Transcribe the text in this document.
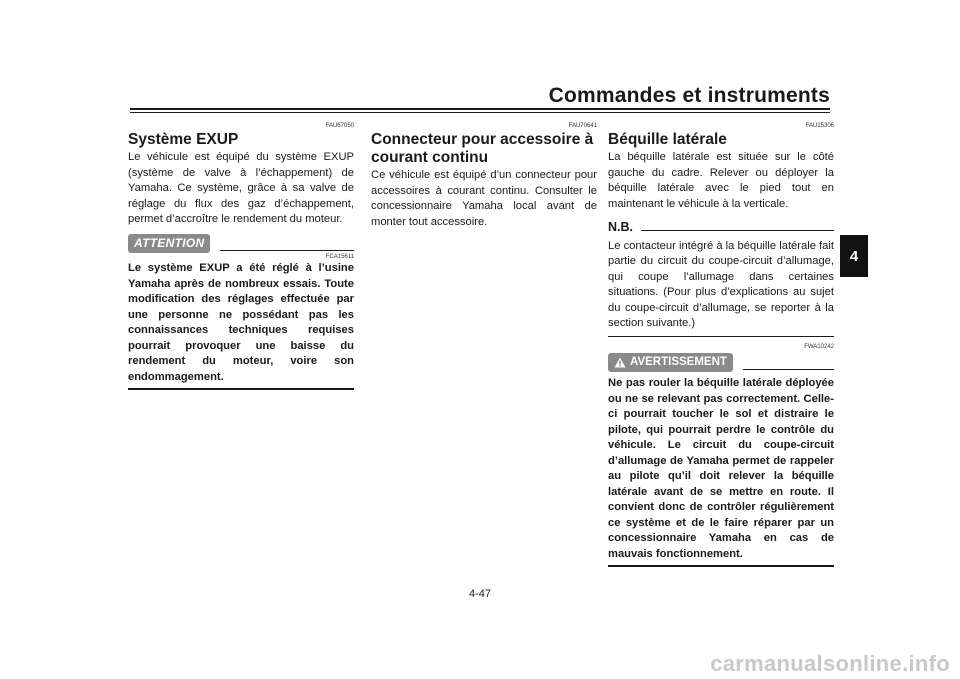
Commandes et instruments
4
FAU67050
Système EXUP
Le véhicule est équipé du système EXUP (système de valve à l’échappement) de Yamaha. Ce système, grâce à sa valve de réglage du flux des gaz d’échappement, permet d’accroître le rendement du moteur.
ATTENTION
FCA15611
Le système EXUP a été réglé à l’usine Yamaha après de nombreux essais. Toute modification des réglages effectuée par une personne ne possédant pas les connaissances techniques requises pourrait provoquer une baisse du rendement du moteur, voire son endommagement.
FAU70641
Connecteur pour accessoire à courant continu
Ce véhicule est équipé d’un connecteur pour accessoires à courant continu. Consulter le concessionnaire Yamaha local avant de monter tout accessoire.
FAU15306
Béquille latérale
La béquille latérale est située sur le côté gauche du cadre. Relever ou déployer la béquille latérale avec le pied tout en maintenant le véhicule à la verticale.
N.B.
Le contacteur intégré à la béquille latérale fait partie du circuit du coupe-circuit d’allumage, qui coupe l’allumage dans certaines situations. (Pour plus d’explications au sujet du coupe-circuit d’allumage, se reporter à la section suivante.)
FWA10242
AVERTISSEMENT
Ne pas rouler la béquille latérale déployée ou ne se relevant pas correctement. Celle-ci pourrait toucher le sol et distraire le pilote, qui pourrait perdre le contrôle du véhicule. Le circuit du coupe-circuit d’allumage de Yamaha permet de rappeler au pilote qu’il doit relever la béquille latérale avant de se mettre en route. Il convient donc de contrôler régulièrement ce système et de le faire réparer par un concessionnaire Yamaha en cas de mauvais fonctionnement.
4-47
carmanualsonline.info
